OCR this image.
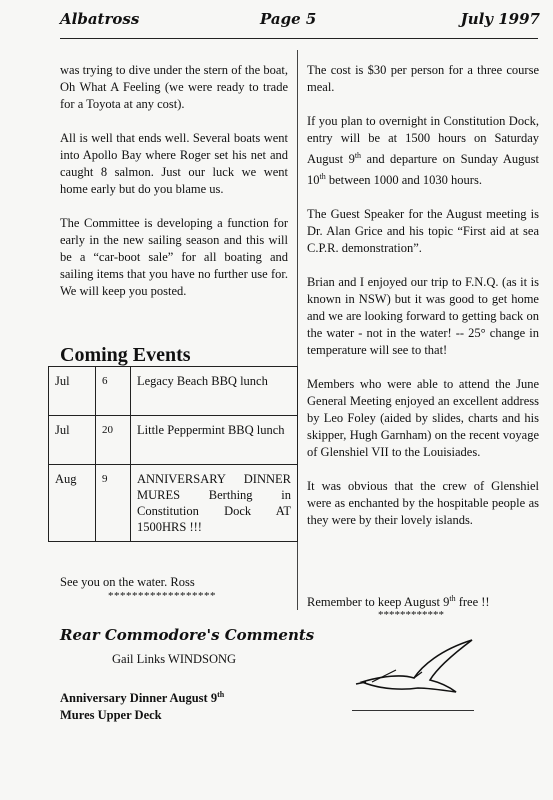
Albatross	Page 5	July 1997

was trying to dive under the stern of the boat, Oh What A Feeling (we were ready to trade for a Toyota at any cost).

All is well that ends well. Several boats went into Apollo Bay where Roger set his net and caught 8 salmon. Just our luck we went home early but do you blame us.

The Committee is developing a function for early in the new sailing season and this will be a “car-boot sale” for all boating and sailing items that you have no further use for. We will keep you posted.

Coming Events
Jul	6	Legacy Beach BBQ lunch
Jul	20	Little Peppermint BBQ lunch
Aug	9	ANNIVERSARY DINNER MURES Berthing in Constitution Dock AT 1500HRS !!!
See you on the water. Ross
******************
Rear Commodore's Comments
Gail Links WINDSONG
Anniversary Dinner August 9th
Mures Upper Deck

The cost is $30 per person for a three course meal.

If you plan to overnight in Constitution Dock, entry will be at 1500 hours on Saturday August 9th and departure on Sunday August 10th between 1000 and 1030 hours.

The Guest Speaker for the August meeting is Dr. Alan Grice and his topic “First aid at sea C.P.R. demonstration”.

Brian and I enjoyed our trip to F.N.Q. (as it is known in NSW) but it was good to get home and we are looking forward to getting back on the water - not in the water! -- 25° change in temperature will see to that!

Members who were able to attend the June General Meeting enjoyed an excellent address by Leo Foley (aided by slides, charts and his skipper, Hugh Garnham) on the recent voyage of Glenshiel VII to the Louisiades.

It was obvious that the crew of Glenshiel were as enchanted by the hospitable people as they were by their lovely islands.

Remember to keep August 9th free !!
************
